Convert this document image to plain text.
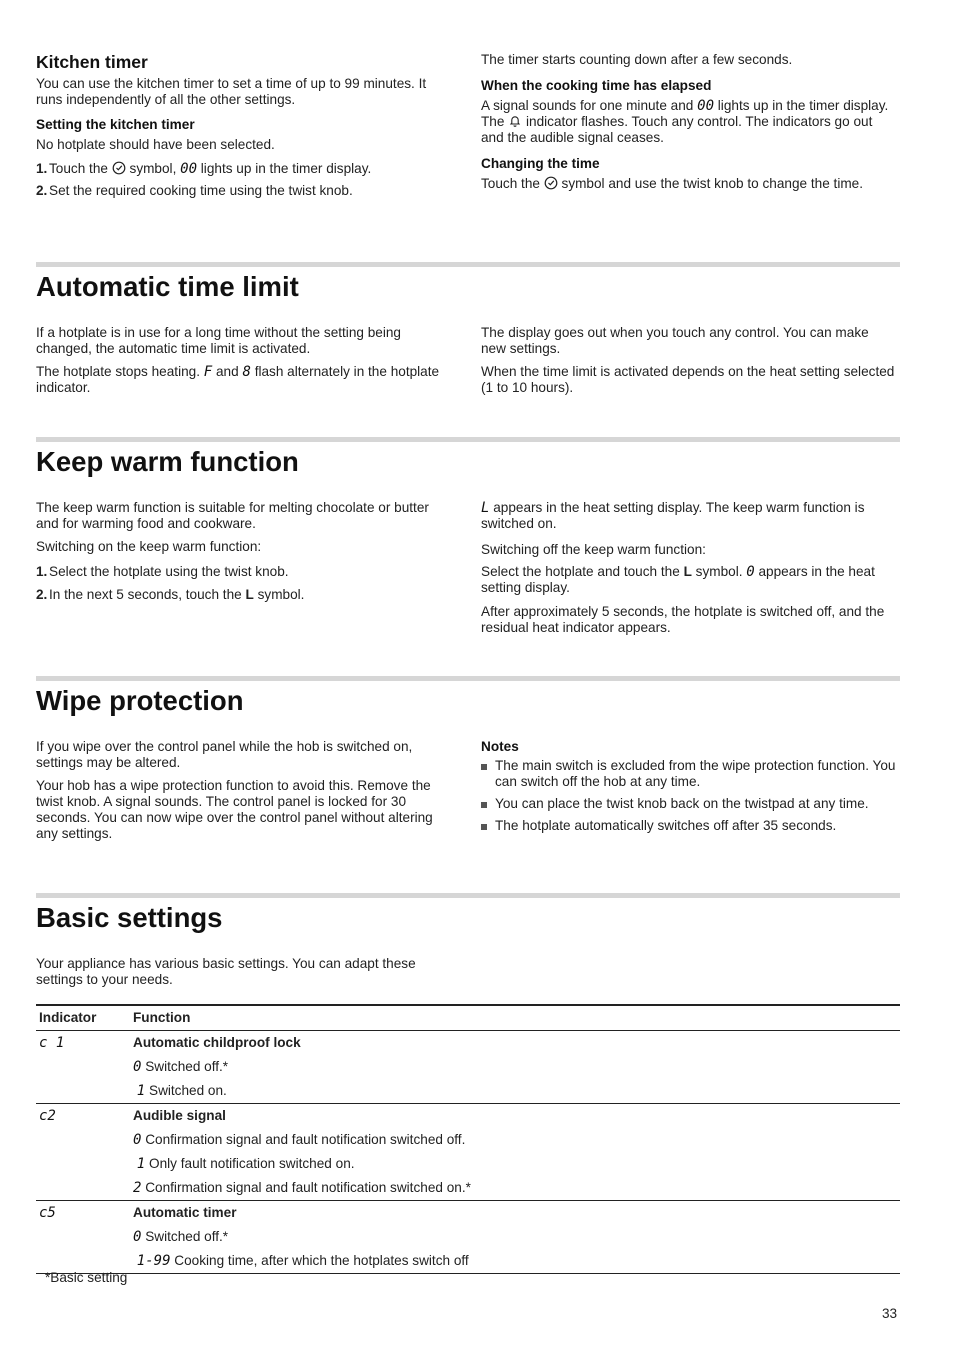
Kitchen timer

You can use the kitchen timer to set a time of up to 99 minutes. It runs independently of all the other settings.

Setting the kitchen timer

No hotplate should have been selected.

1. Touch the symbol, 00 lights up in the timer display.
2. Set the required cooking time using the twist knob.

The timer starts counting down after a few seconds.

When the cooking time has elapsed

A signal sounds for one minute and 00 lights up in the timer display. The indicator flashes. Touch any control. The indicators go out and the audible signal ceases.

Changing the time

Touch the symbol and use the twist knob to change the time.

Automatic time limit

If a hotplate is in use for a long time without the setting being changed, the automatic time limit is activated.

The hotplate stops heating. F and 8 flash alternately in the hotplate indicator.

The display goes out when you touch any control. You can make new settings.

When the time limit is activated depends on the heat setting selected (1 to 10 hours).

Keep warm function

The keep warm function is suitable for melting chocolate or butter and for warming food and cookware.

Switching on the keep warm function:

1. Select the hotplate using the twist knob.
2. In the next 5 seconds, touch the L symbol.

L appears in the heat setting display. The keep warm function is switched on.

Switching off the keep warm function:

Select the hotplate and touch the L symbol. 0 appears in the heat setting display.

After approximately 5 seconds, the hotplate is switched off, and the residual heat indicator appears.

Wipe protection

If you wipe over the control panel while the hob is switched on, settings may be altered.

Your hob has a wipe protection function to avoid this. Remove the twist knob. A signal sounds. The control panel is locked for 30 seconds. You can now wipe over the control panel without altering any settings.

Notes
The main switch is excluded from the wipe protection function. You can switch off the hob at any time.
You can place the twist knob back on the twistpad at any time.
The hotplate automatically switches off after 35 seconds.
Basic settings

Your appliance has various basic settings. You can adapt these settings to your needs.

Indicator	Function
c 1	Automatic childproof lock
	0 Switched off.*
	1 Switched on.
c2	Audible signal
	0 Confirmation signal and fault notification switched off.
	1 Only fault notification switched on.
	2 Confirmation signal and fault notification switched on.*
c5	Automatic timer
	0 Switched off.*
	1-99 Cooking time, after which the hotplates switch off
*Basic setting
33
